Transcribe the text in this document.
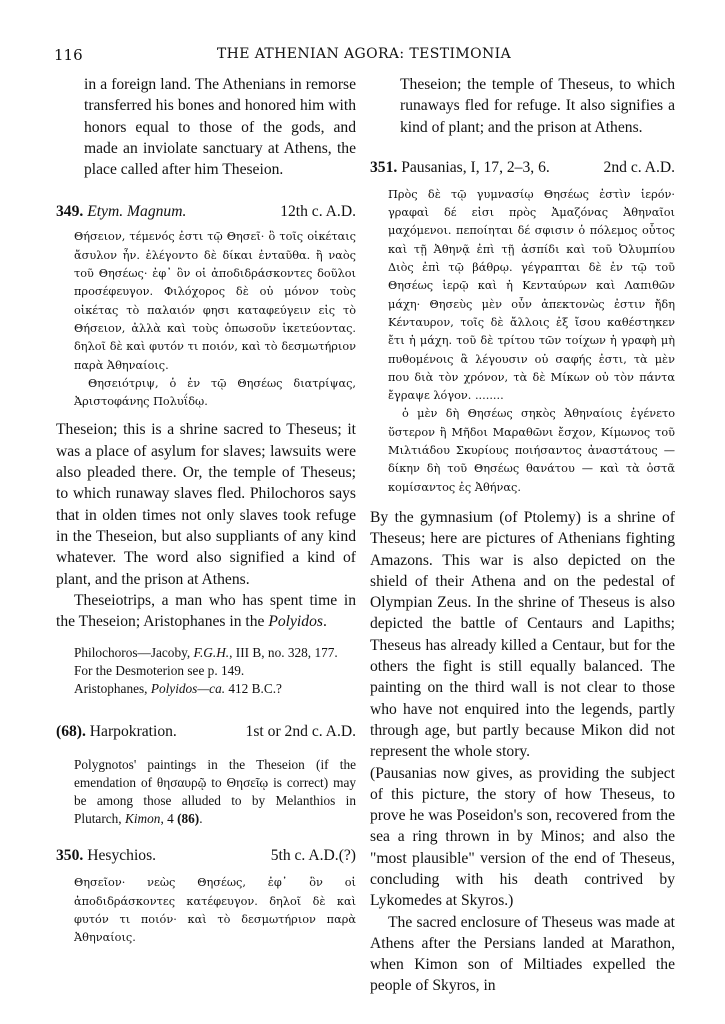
116	THE ATHENIAN AGORA: TESTIMONIA

in a foreign land. The Athenians in remorse transferred his bones and honored him with honors equal to those of the gods, and made an inviolate sanctuary at Athens, the place called after him Theseion.

349. Etym. Magnum.	12th c. A.D.

Θήσειον, τέμενός ἐστι τῷ Θησεῖ· ὃ τοῖς οἰκέταις ἄσυλον ἦν. ἐλέγοντο δὲ δίκαι ἐνταῦθα. ἢ ναὸς τοῦ Θησέως· ἐφ᾽ ὃν οἱ ἀποδιδράσκοντες δοῦλοι προσέφευγον. Φιλόχορος δὲ οὐ μόνον τοὺς οἰκέτας τὸ παλαιόν φησι καταφεύγειν εἰς τὸ Θήσειον, ἀλλὰ καὶ τοὺς ὁπωσοῦν ἱκετεύοντας. δηλοῖ δὲ καὶ φυτόν τι ποιόν, καὶ τὸ δεσμωτήριον παρὰ Ἀθηναίοις.
Θησειότριψ, ὁ ἐν τῷ Θησέως διατρίψας, Ἀριστοφάνης Πολυΐδῳ.

Theseion; this is a shrine sacred to Theseus; it was a place of asylum for slaves; lawsuits were also pleaded there. Or, the temple of Theseus; to which runaway slaves fled. Philochoros says that in olden times not only slaves took refuge in the Theseion, but also suppliants of any kind whatever. The word also signified a kind of plant, and the prison at Athens.

Theseiotrips, a man who has spent time in the Theseion; Aristophanes in the Polyidos.

Philochoros—Jacoby, F.G.H., III B, no. 328, 177.
For the Desmoterion see p. 149.
Aristophanes, Polyidos—ca. 412 B.C.?
(68). Harpokration.	1st or 2nd c. A.D.

Polygnotos' paintings in the Theseion (if the emendation of θησαυρῷ to Θησεῖῳ is correct) may be among those alluded to by Melanthios in Plutarch, Kimon, 4 (86).

350. Hesychios.	5th c. A.D.(?)

Θησεῖον· νεὼς Θησέως, ἐφ᾽ ὃν οἱ ἀποδιδράσκοντες κατέφευγον. δηλοῖ δὲ καὶ φυτόν τι ποιόν· καὶ τὸ δεσμωτήριον παρὰ Ἀθηναίοις.

Theseion; the temple of Theseus, to which runaways fled for refuge. It also signifies a kind of plant; and the prison at Athens.

351. Pausanias, I, 17, 2–3, 6.	2nd c. A.D.

Πρὸς δὲ τῷ γυμνασίῳ Θησέως ἐστὶν ἱερόν· γραφαὶ δέ εἰσι πρὸς Ἀμαζόνας Ἀθηναῖοι μαχόμενοι. πεποίηται δέ σφισιν ὁ πόλεμος οὗτος καὶ τῇ Ἀθηνᾷ ἐπὶ τῇ ἀσπίδι καὶ τοῦ Ὀλυμπίου Διὸς ἐπὶ τῷ βάθρῳ. γέγραπται δὲ ἐν τῷ τοῦ Θησέως ἱερῷ καὶ ἡ Κενταύρων καὶ Λαπιθῶν μάχη· Θησεὺς μὲν οὖν ἀπεκτονὼς ἐστιν ἤδη Κένταυρον, τοῖς δὲ ἄλλοις ἐξ ἴσου καθέστηκεν ἔτι ἡ μάχη. τοῦ δὲ τρίτου τῶν τοίχων ἡ γραφὴ μὴ πυθομένοις ἃ λέγουσιν οὐ σαφής ἐστι, τὰ μὲν που διὰ τὸν χρόνον, τὰ δὲ Μίκων οὐ τὸν πάντα ἔγραψε λόγον. ........
ὁ μὲν δὴ Θησέως σηκὸς Ἀθηναίοις ἐγένετο ὕστερον ἢ Μῆδοι Μαραθῶνι ἔσχον, Κίμωνος τοῦ Μιλτιάδου Σκυρίους ποιήσαντος ἀναστάτους — δίκην δὴ τοῦ Θησέως θανάτου — καὶ τὰ ὀστᾶ κομίσαντος ἐς Ἀθήνας.

By the gymnasium (of Ptolemy) is a shrine of Theseus; here are pictures of Athenians fighting Amazons. This war is also depicted on the shield of their Athena and on the pedestal of Olympian Zeus. In the shrine of Theseus is also depicted the battle of Centaurs and Lapiths; Theseus has already killed a Centaur, but for the others the fight is still equally balanced. The painting on the third wall is not clear to those who have not enquired into the legends, partly through age, but partly because Mikon did not represent the whole story.

(Pausanias now gives, as providing the subject of this picture, the story of how Theseus, to prove he was Poseidon's son, recovered from the sea a ring thrown in by Minos; and also the "most plausible" version of the end of Theseus, concluding with his death contrived by Lykomedes at Skyros.)

The sacred enclosure of Theseus was made at Athens after the Persians landed at Marathon, when Kimon son of Miltiades expelled the people of Skyros, in
